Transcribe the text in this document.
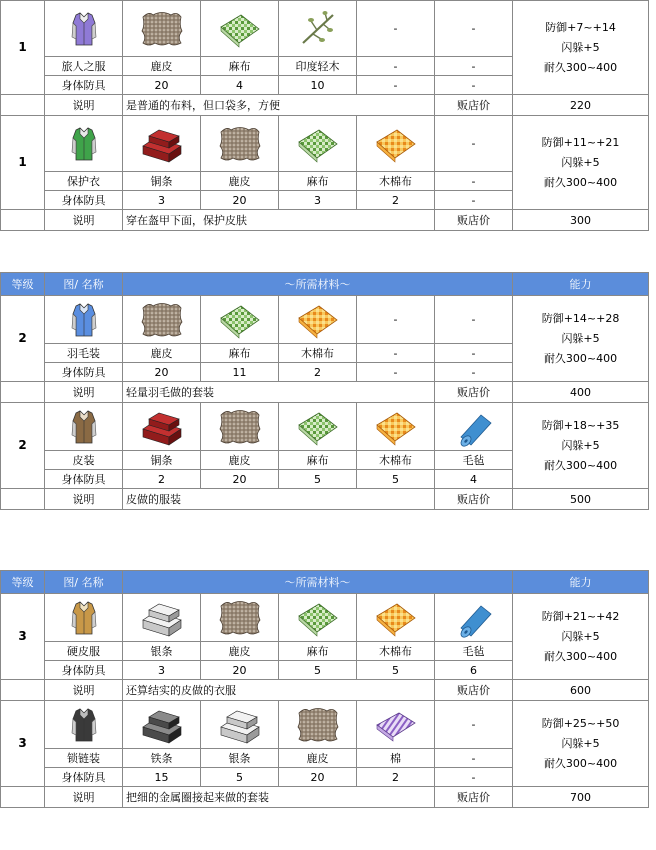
1					-	-	防御+7~+14
闪躲+5
耐久300~400

	旅人之服	鹿皮	麻布	印度轻木	-	-	
	身体防具	20	4	10	-	-	
	说明	是普通的布料，但口袋多，方便				贩店价	220
1						-	防御+11~+21
闪躲+5
耐久300~400

	保护衣	铜条	鹿皮	麻布	木棉布	-	
	身体防具	3	20	3	2	-	
	说明	穿在盔甲下面，保护皮肤				贩店价	300
等级	图/ 名称	～所需材料～					能力
2					-	-	防御+14~+28
闪躲+5
耐久300~400

	羽毛装	鹿皮	麻布	木棉布	-	-	
	身体防具	20	11	2	-	-	
	说明	轻量羽毛做的套装				贩店价	400
2							防御+18~+35
闪躲+5
耐久300~400

	皮装	铜条	鹿皮	麻布	木棉布	毛毡	
	身体防具	2	20	5	5	4	
	说明	皮做的服装				贩店价	500
等级	图/ 名称	～所需材料～					能力
3							防御+21~+42
闪躲+5
耐久300~400

	硬皮服	银条	鹿皮	麻布	木棉布	毛毡	
	身体防具	3	20	5	5	6	
	说明	还算结实的皮做的衣服				贩店价	600
3						-	防御+25~+50
闪躲+5
耐久300~400

	锁链装	铁条	银条	鹿皮	棉	-	
	身体防具	15	5	20	2	-	
	说明	把细的金属圈接起来做的套装				贩店价	700
